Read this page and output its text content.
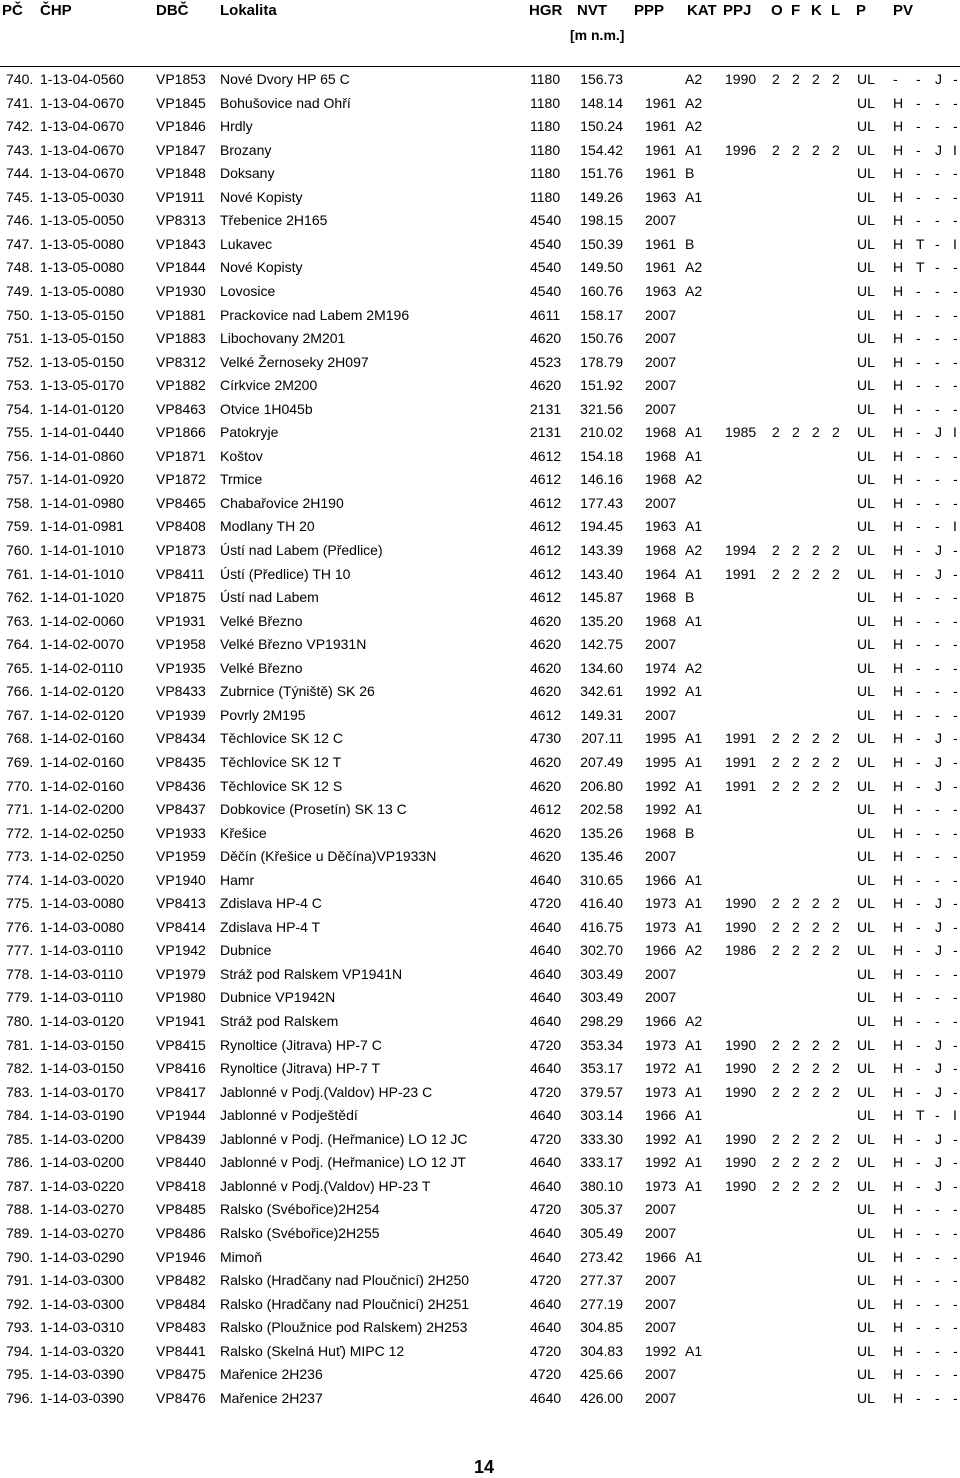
PČ ČHP	DBČ Lokalita	HGR NVT
[m n.m.]
PPP KAT PPJ O F K L P PV
740. 1-13-04-0560	VP1853	Nové Dvory HP 65 C	1180	156.73	A2	1990	2 2 2 2	UL	- - J -
741. 1-13-04-0670	VP1845	Bohušovice nad Ohří	1180	148.14 1961 A2	UL	H - - -
742. 1-13-04-0670	VP1846	Hrdly	1180	150.24 1961 A2	UL	H - - -
743. 1-13-04-0670	VP1847	Brozany	1180	154.42 1961 A1	1996	2 2 2 2	UL	H - J I
744. 1-13-04-0670	VP1848	Doksany	1180	151.76 1961 B	UL	H - - -
745. 1-13-05-0030	VP1911	Nové Kopisty	1180	149.26 1963 A1	UL	H - - -
746. 1-13-05-0050	VP8313	Třebenice 2H165	4540	198.15 2007	UL	H - - -
747. 1-13-05-0080	VP1843	Lukavec	4540	150.39 1961 B	UL	H T - I
748. 1-13-05-0080	VP1844	Nové Kopisty	4540	149.50 1961 A2	UL	H T - -
749. 1-13-05-0080	VP1930	Lovosice	4540	160.76 1963 A2	UL	H - - -
750. 1-13-05-0150	VP1881	Prackovice nad Labem 2M196	4611	158.17 2007	UL	H - - -
751. 1-13-05-0150	VP1883	Libochovany 2M201	4620	150.76 2007	UL	H - - -
752. 1-13-05-0150	VP8312	Velké Žernoseky 2H097	4523	178.79 2007	UL	H - - -
753. 1-13-05-0170	VP1882	Církvice 2M200	4620	151.92 2007	UL	H - - -
754. 1-14-01-0120	VP8463	Otvice 1H045b	2131	321.56 2007	UL	H - - -
755. 1-14-01-0440	VP1866	Patokryje	2131	210.02 1968 A1	1985	2 2 2 2	UL	H - J I
756. 1-14-01-0860	VP1871	Koštov	4612	154.18 1968 A1	UL	H - - -
757. 1-14-01-0920	VP1872	Trmice	4612	146.16 1968 A2	UL	H - - -
758. 1-14-01-0980	VP8465	Chabařovice 2H190	4612	177.43 2007	UL	H - - -
759. 1-14-01-0981	VP8408	Modlany TH 20	4612	194.45 1963 A1	UL	H - - I
760. 1-14-01-1010	VP1873	Ústí nad Labem (Předlice)	4612	143.39 1968 A2	1994	2 2 2 2	UL	H - J -
761. 1-14-01-1010	VP8411	Ústí (Předlice) TH 10	4612	143.40 1964 A1	1991	2 2 2 2	UL	H - J -
762. 1-14-01-1020	VP1875	Ústí nad Labem	4612	145.87 1968 B	UL	H - - -
763. 1-14-02-0060	VP1931	Velké Březno	4620	135.20 1968 A1	UL	H - - -
764. 1-14-02-0070	VP1958	Velké Březno VP1931N	4620	142.75 2007	UL	H - - -
765. 1-14-02-0110	VP1935	Velké Březno	4620	134.60 1974 A2	UL	H - - -
766. 1-14-02-0120	VP8433	Zubrnice (Týniště) SK 26	4620	342.61 1992 A1	UL	H - - -
767. 1-14-02-0120	VP1939	Povrly 2M195	4612	149.31 2007	UL	H - - -
768. 1-14-02-0160	VP8434	Těchlovice SK 12 C	4730	207.11 1995 A1	1991	2 2 2 2	UL	H - J -
769. 1-14-02-0160	VP8435	Těchlovice SK 12 T	4620	207.49 1995 A1	1991	2 2 2 2	UL	H - J -
770. 1-14-02-0160	VP8436	Těchlovice SK 12 S	4620	206.80 1992 A1	1991	2 2 2 2	UL	H - J -
771. 1-14-02-0200	VP8437	Dobkovice (Prosetín) SK 13 C	4612	202.58 1992 A1	UL	H - - -
772. 1-14-02-0250	VP1933	Křešice	4620	135.26 1968 B	UL	H - - -
773. 1-14-02-0250	VP1959	Děčín (Křešice u Děčína)VP1933N	4620	135.46 2007	UL	H - - -
774. 1-14-03-0020	VP1940	Hamr	4640	310.65 1966 A1	UL	H - - -
775. 1-14-03-0080	VP8413	Zdislava HP-4 C	4720	416.40 1973 A1	1990	2 2 2 2	UL	H - J -
776. 1-14-03-0080	VP8414	Zdislava HP-4 T	4640	416.75 1973 A1	1990	2 2 2 2	UL	H - J -
777. 1-14-03-0110	VP1942	Dubnice	4640	302.70 1966 A2	1986	2 2 2 2	UL	H - J -
778. 1-14-03-0110	VP1979	Stráž pod Ralskem VP1941N	4640	303.49 2007	UL	H - - -
779. 1-14-03-0110	VP1980	Dubnice VP1942N	4640	303.49 2007	UL	H - - -
780. 1-14-03-0120	VP1941	Stráž pod Ralskem	4640	298.29 1966 A2	UL	H - - -
781. 1-14-03-0150	VP8415	Rynoltice (Jitrava) HP-7 C	4720	353.34 1973 A1	1990	2 2 2 2	UL	H - J -
782. 1-14-03-0150	VP8416	Rynoltice (Jitrava) HP-7 T	4640	353.17 1972 A1	1990	2 2 2 2	UL	H - J -
783. 1-14-03-0170	VP8417	Jablonné v Podj.(Valdov) HP-23 C	4720	379.57 1973 A1	1990	2 2 2 2	UL	H - J -
784. 1-14-03-0190	VP1944	Jablonné v Podještědí	4640	303.14 1966 A1	UL	H T - I
785. 1-14-03-0200	VP8439	Jablonné v Podj. (Heřmanice) LO 12 JC	4720	333.30 1992 A1	1990	2 2 2 2	UL	H - J -
786. 1-14-03-0200	VP8440	Jablonné v Podj. (Heřmanice) LO 12 JT	4640	333.17 1992 A1	1990	2 2 2 2	UL	H - J -
787. 1-14-03-0220	VP8418	Jablonné v Podj.(Valdov) HP-23 T	4640	380.10 1973 A1	1990	2 2 2 2	UL	H - J -
788. 1-14-03-0270	VP8485	Ralsko (Svébořice)2H254	4720	305.37 2007	UL	H - - -
789. 1-14-03-0270	VP8486	Ralsko (Svébořice)2H255	4640	305.49 2007	UL	H - - -
790. 1-14-03-0290	VP1946	Mimoň	4640	273.42 1966 A1	UL	H - - -
791. 1-14-03-0300	VP8482	Ralsko (Hradčany nad Ploučnicí) 2H250	4720	277.37 2007	UL	H - - -
792. 1-14-03-0300	VP8484	Ralsko (Hradčany nad Ploučnicí) 2H251	4640	277.19 2007	UL	H - - -
793. 1-14-03-0310	VP8483	Ralsko (Ploužnice pod Ralskem) 2H253	4640	304.85 2007	UL	H - - -
794. 1-14-03-0320	VP8441	Ralsko (Skelná Huť) MIPC 12	4720	304.83 1992 A1	UL	H - - -
795. 1-14-03-0390	VP8475	Mařenice 2H236	4720	425.66 2007	UL	H - - -
796. 1-14-03-0390	VP8476	Mařenice 2H237	4640	426.00 2007	UL	H - - -
14
